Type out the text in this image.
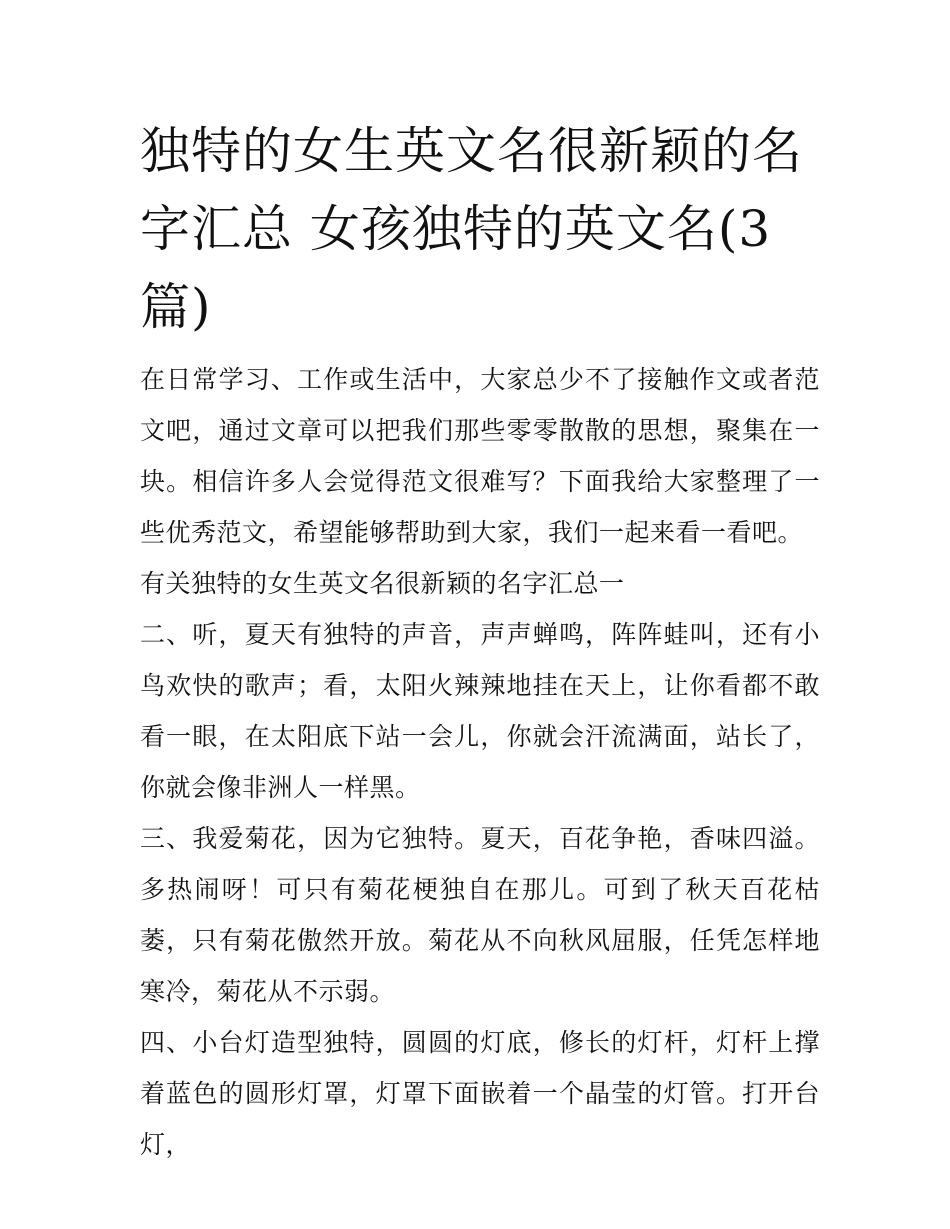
独特的女生英文名很新颖的名字汇总 女孩独特的英文名(3篇)

在日常学习、工作或生活中，大家总少不了接触作文或者范文吧，通过文章可以把我们那些零零散散的思想，聚集在一块。相信许多人会觉得范文很难写？下面我给大家整理了一些优秀范文，希望能够帮助到大家，我们一起来看一看吧。

有关独特的女生英文名很新颖的名字汇总一

二、听，夏天有独特的声音，声声蝉鸣，阵阵蛙叫，还有小鸟欢快的歌声；看，太阳火辣辣地挂在天上，让你看都不敢看一眼，在太阳底下站一会儿，你就会汗流满面，站长了，你就会像非洲人一样黑。

三、我爱菊花，因为它独特。夏天，百花争艳，香味四溢。多热闹呀！可只有菊花梗独自在那儿。可到了秋天百花枯萎，只有菊花傲然开放。菊花从不向秋风屈服，任凭怎样地寒冷，菊花从不示弱。

四、小台灯造型独特，圆圆的灯底，修长的灯杆，灯杆上撑着蓝色的圆形灯罩，灯罩下面嵌着一个晶莹的灯管。打开台灯，
